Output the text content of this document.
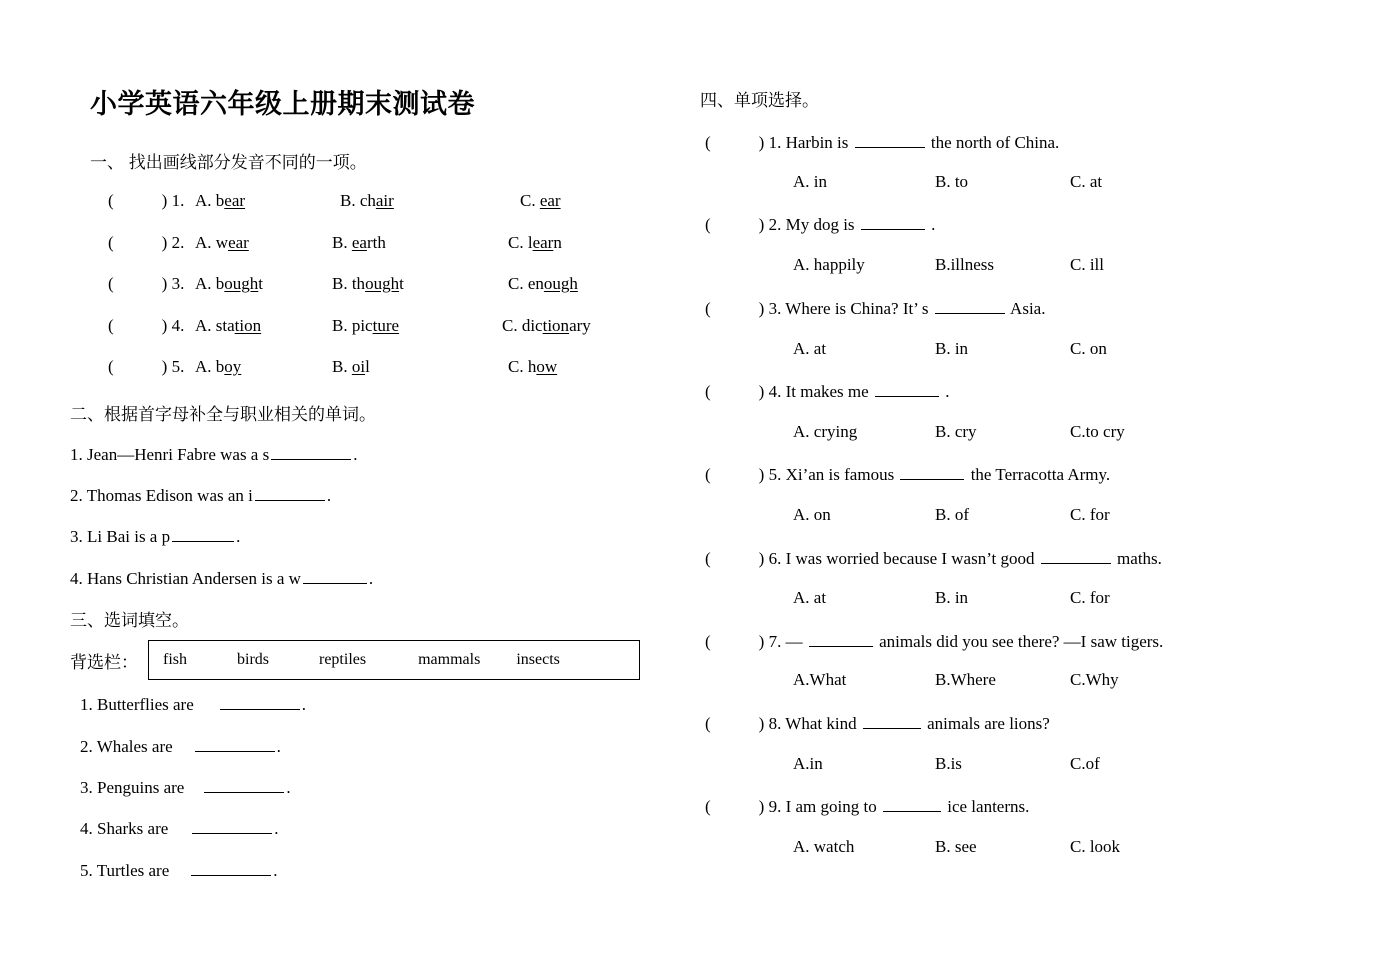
小学英语六年级上册期末测试卷
一、 找出画线部分发音不同的一项。
(	) 1. A. bear	B. chair	C. ear
(	) 2. A. wear	B. earth	C. learn
(	) 3. A. bought	B. thought	C. enough
(	) 4. A. station	B. picture	C. dictionary
(	) 5. A. boy	B. oil	C. how
二、根据首字母补全与职业相关的单词。
1. Jean—Henri Fabre was a s	.
2. Thomas Edison was an i	.
3. Li Bai is a p	.
4. Hans Christian Andersen is a w	.
三、选词填空。
背选栏： fish	birds	reptiles	mammals insects
1. Butterflies are	.
2. Whales are	.
3. Penguins are	.
4. Sharks are	.
5. Turtles are	.
四、单项选择。
(	) 1. Harbin is	the north of China.
A. in	B. to	C. at
(	) 2. My dog is	.
A. happily	B.illness	C. ill
(	) 3. Where is China? It’ s	Asia.
A. at	B. in	C. on
(	) 4. It makes me	.
A. crying	B. cry	C.to cry
(	) 5. Xi’an is famous	the Terracotta Army.
A. on	B. of	C. for
(	) 6. I was worried because I wasn’t good	maths.
A. at	B. in	C. for
(	) 7. —	animals did you see there? —I saw tigers.
A.What	B.Where	C.Why
(	) 8. What kind	animals are lions?
A.in	B.is	C.of
(	) 9. I am going to	ice lanterns.
A. watch	B. see	C. look
